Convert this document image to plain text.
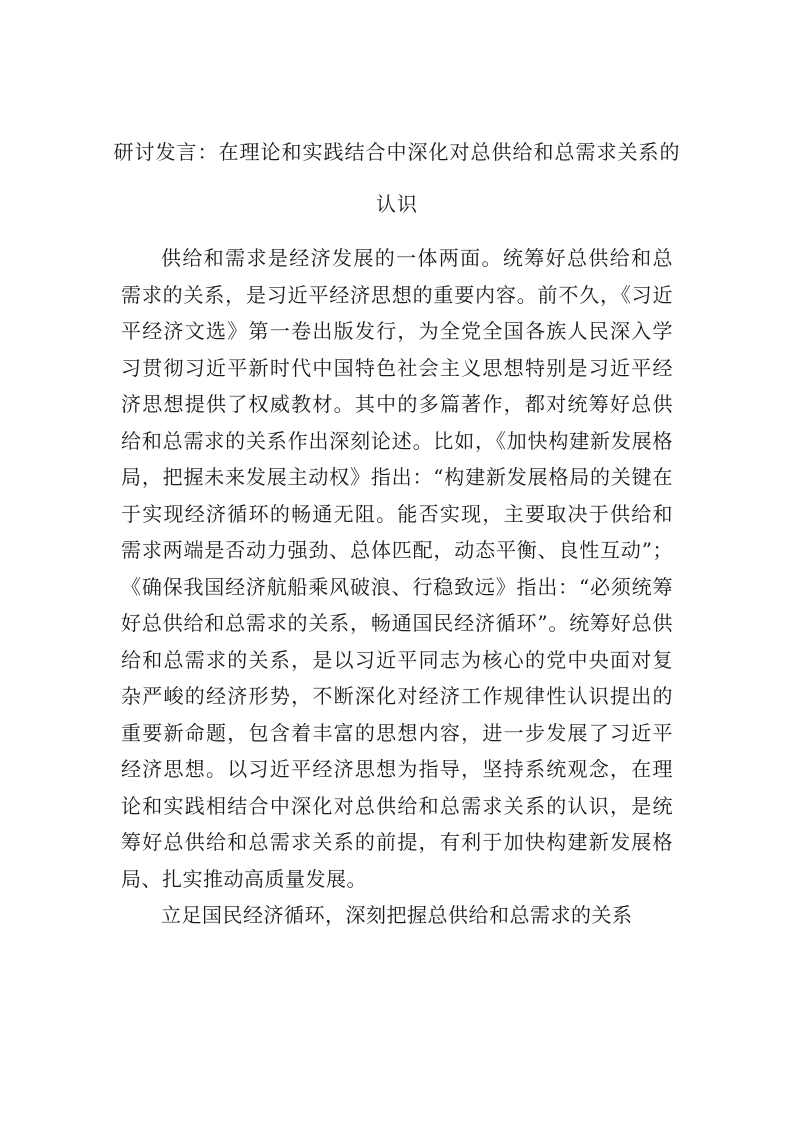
研讨发言：在理论和实践结合中深化对总供给和总需求关系的认识

供给和需求是经济发展的一体两面。统筹好总供给和总需求的关系，是习近平经济思想的重要内容。前不久，《习近平经济文选》第一卷出版发行，为全党全国各族人民深入学习贯彻习近平新时代中国特色社会主义思想特别是习近平经济思想提供了权威教材。其中的多篇著作，都对统筹好总供给和总需求的关系作出深刻论述。比如，《加快构建新发展格局，把握未来发展主动权》指出：“构建新发展格局的关键在于实现经济循环的畅通无阻。能否实现，主要取决于供给和需求两端是否动力强劲、总体匹配，动态平衡、良性互动”；《确保我国经济航船乘风破浪、行稳致远》指出：“必须统筹好总供给和总需求的关系，畅通国民经济循环”。统筹好总供给和总需求的关系，是以习近平同志为核心的党中央面对复杂严峻的经济形势，不断深化对经济工作规律性认识提出的重要新命题，包含着丰富的思想内容，进一步发展了习近平经济思想。以习近平经济思想为指导，坚持系统观念，在理论和实践相结合中深化对总供给和总需求关系的认识，是统筹好总供给和总需求关系的前提，有利于加快构建新发展格局、扎实推动高质量发展。

立足国民经济循环，深刻把握总供给和总需求的关系
